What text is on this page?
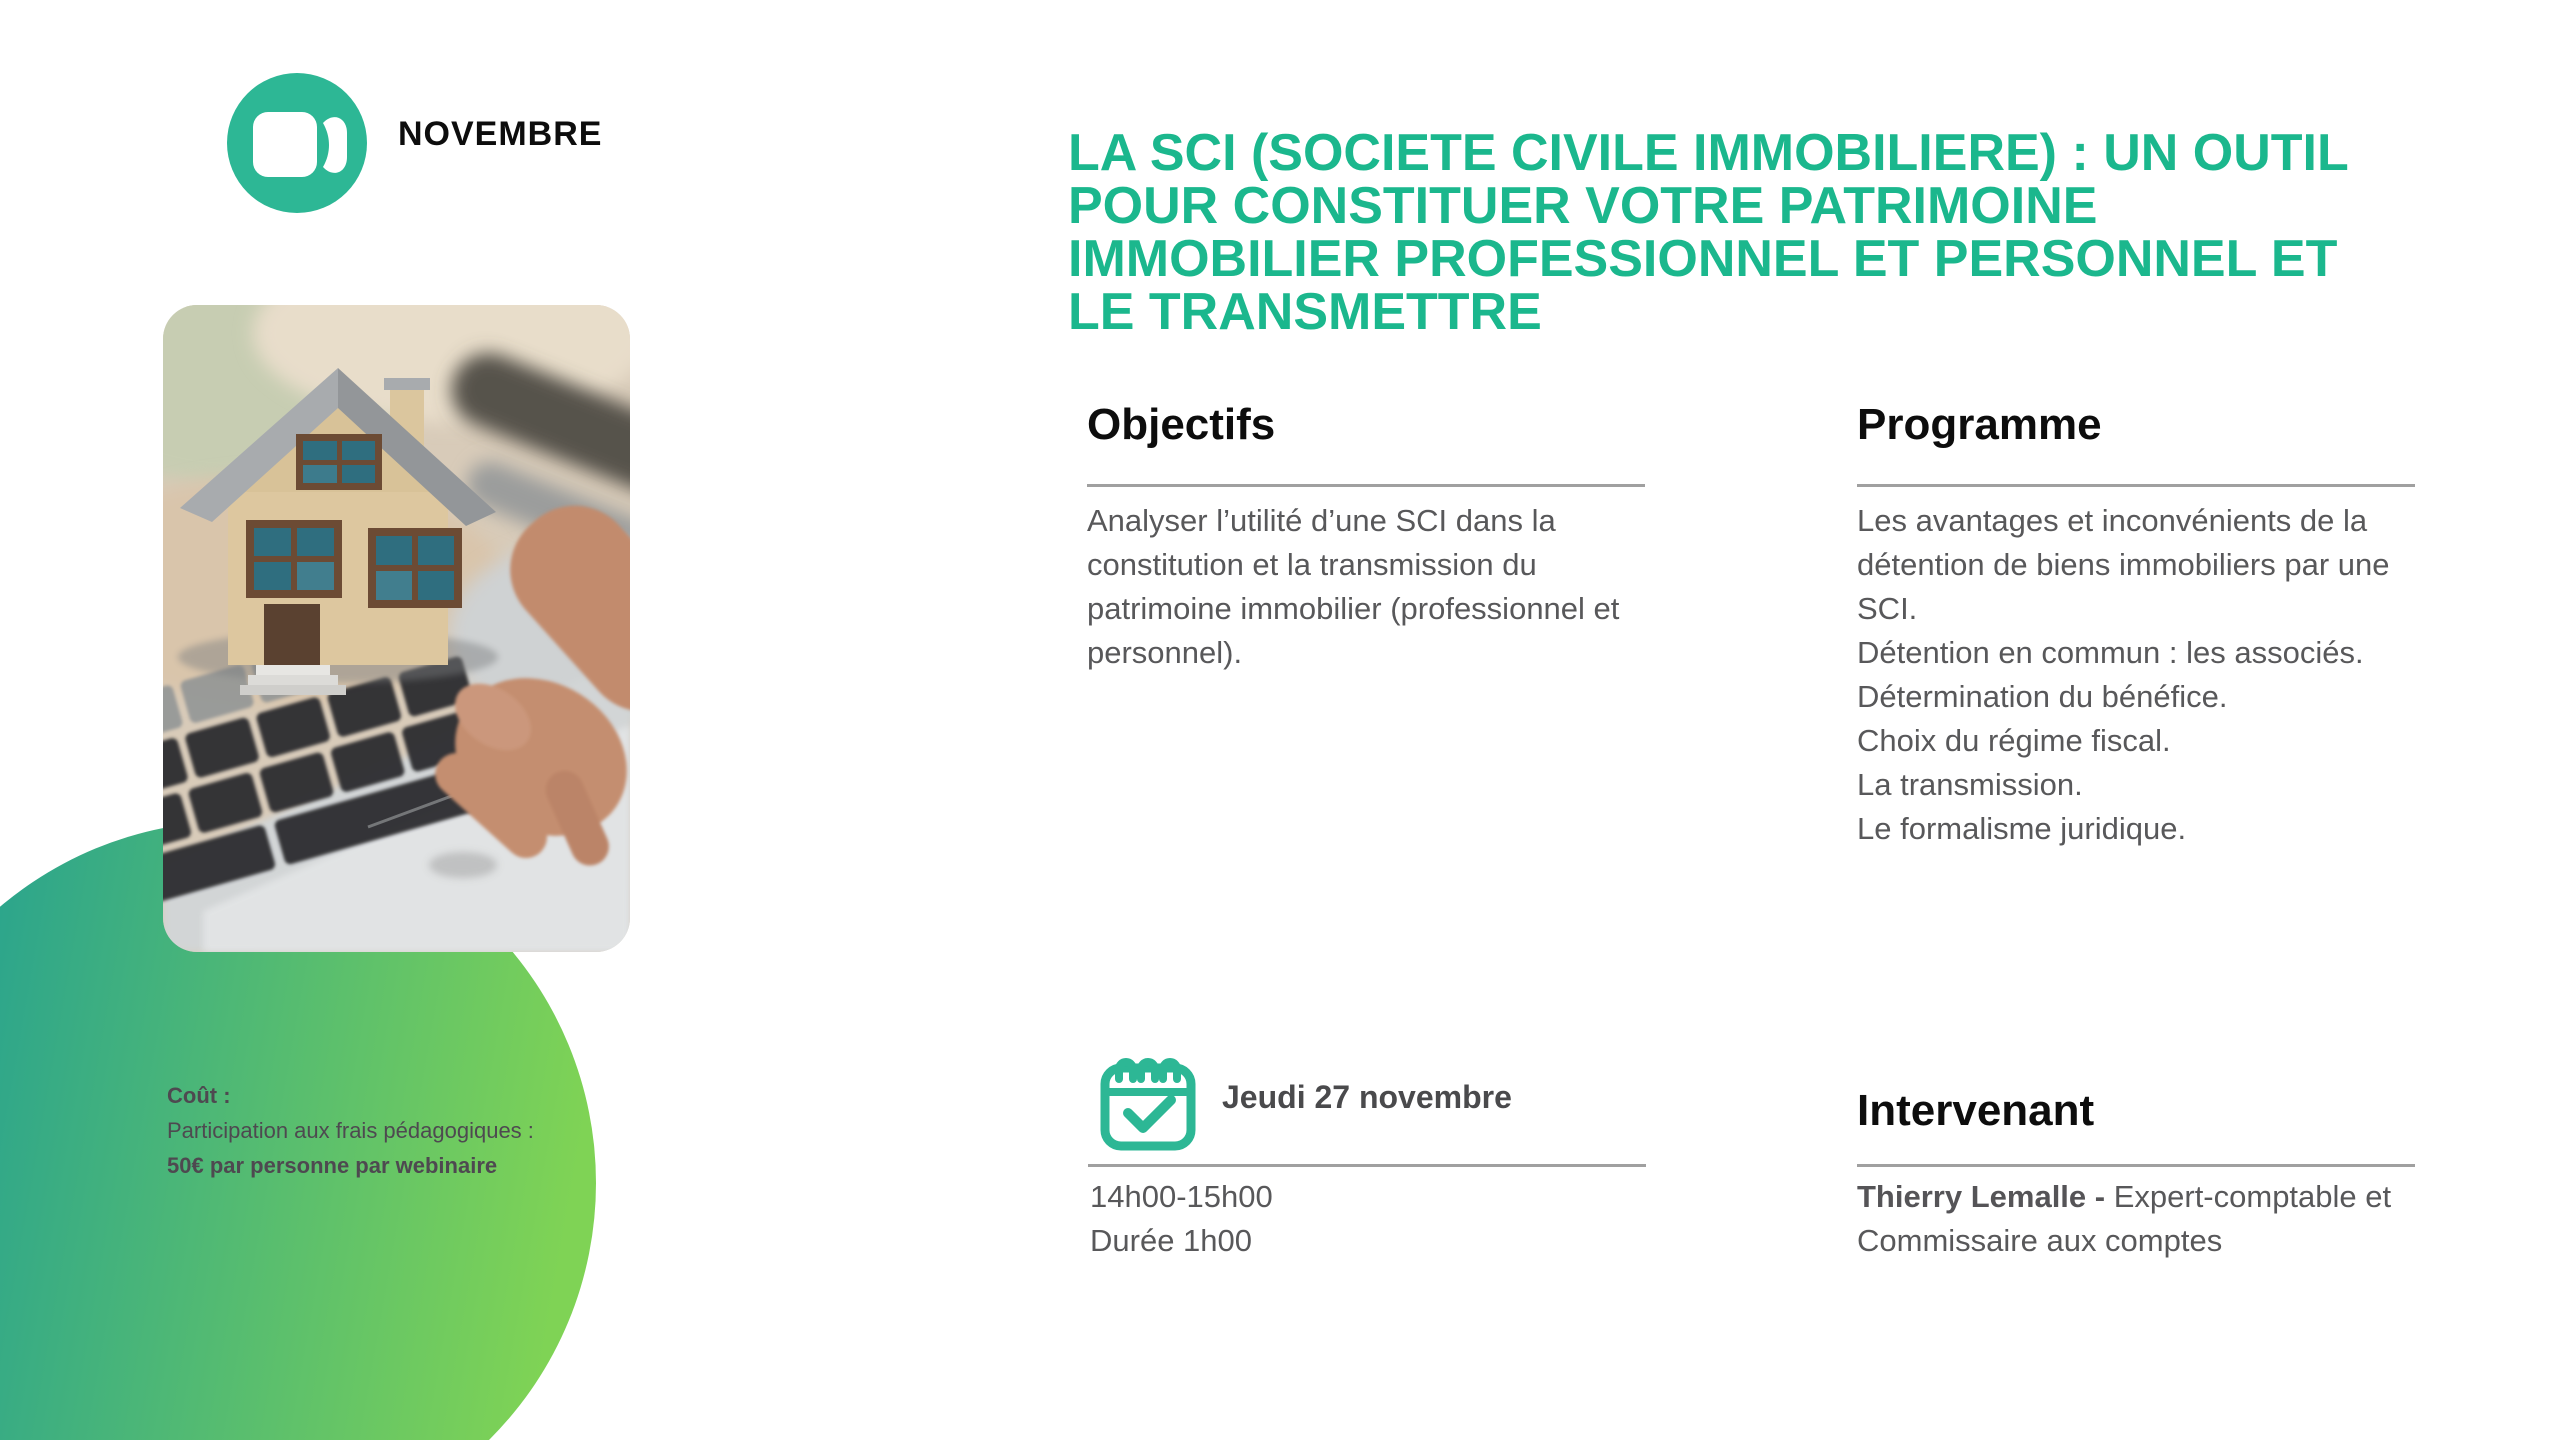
Coût :
Participation aux frais pédagogiques :
50€ par personne par webinaire
NOVEMBRE	LA SCI (SOCIETE CIVILE IMMOBILIERE) : UN OUTIL
POUR CONSTITUER VOTRE PATRIMOINE
IMMOBILIER PROFESSIONNEL ET PERSONNEL ET
LE TRANSMETTRE
Objectifs
Analyser l’utilité d’une SCI dans la constitution et la transmission du patrimoine immobilier (professionnel et personnel).
Programme

Les avantages et inconvénients de la détention de biens immobiliers par une SCI.

Détention en commun : les associés.

Détermination du bénéfice.

Choix du régime fiscal.

La transmission.

Le formalisme juridique.

Jeudi 27 novembre
14h00-15h00
Durée 1h00
Intervenant
Thierry Lemalle - Expert-comptable et Commissaire aux comptes
